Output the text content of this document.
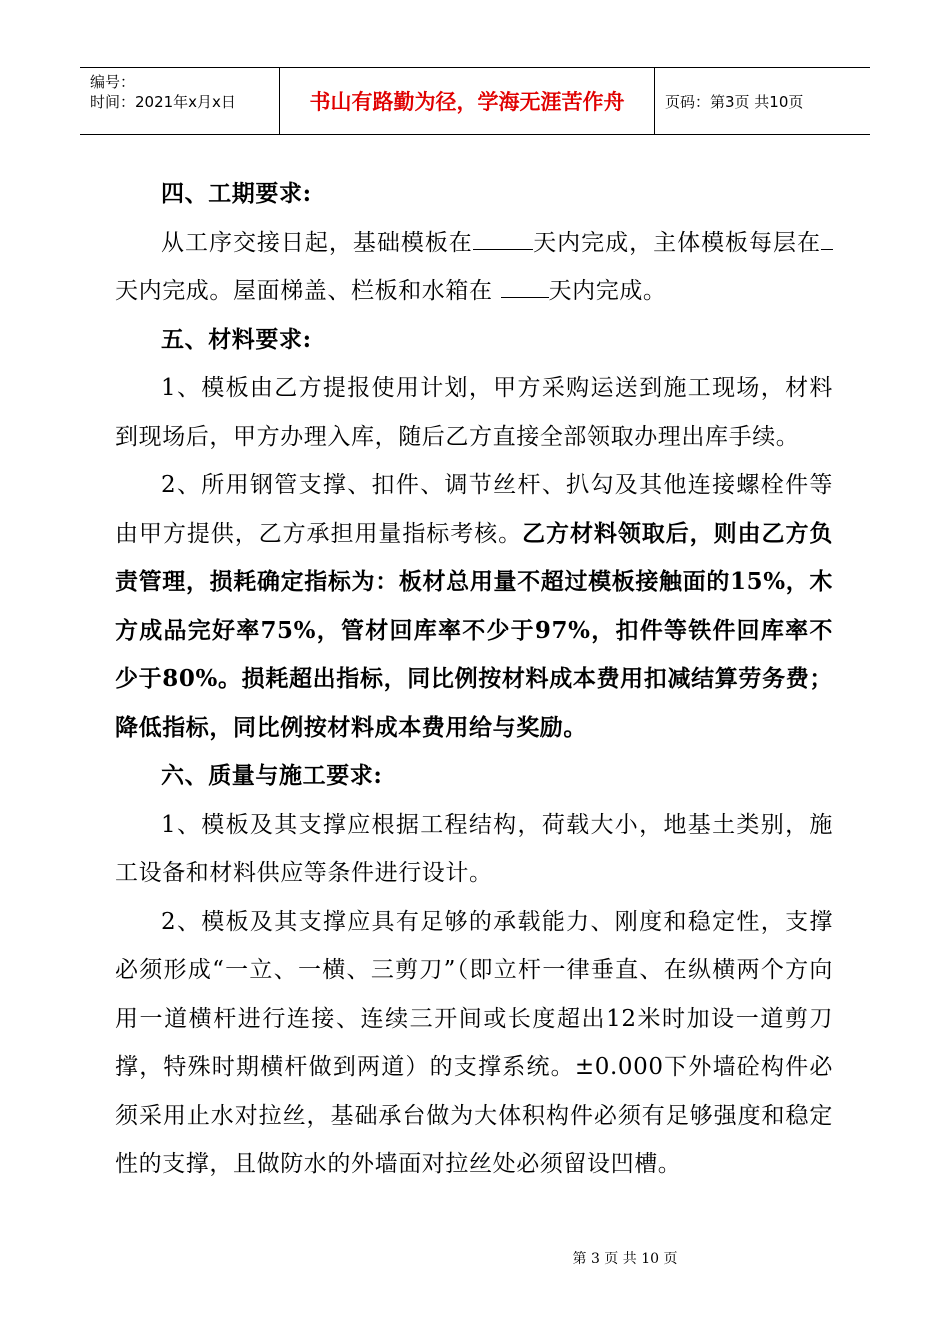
编号：
时间：2021年x月x日	书山有路勤为径，学海无涯苦作舟	页码：第3页 共10页

四、工期要求:

从工序交接日起，基础模板在	天内完成，主体模板每层在天内完成。屋面梯盖、栏板和水箱在 天内完成。

五、材料要求:

1、模板由乙方提报使用计划，甲方采购运送到施工现场，材料到现场后，甲方办理入库，随后乙方直接全部领取办理出库手续。

2、所用钢管支撑、扣件、调节丝杆、扒勾及其他连接螺栓件等由甲方提供，乙方承担用量指标考核。乙方材料领取后，则由乙方负责管理，损耗确定指标为：板材总用量不超过模板接触面的15%，木方成品完好率75%，管材回库率不少于97%，扣件等铁件回库率不少于80%。损耗超出指标，同比例按材料成本费用扣减结算劳务费；降低指标，同比例按材料成本费用给与奖励。

六、质量与施工要求:

1、模板及其支撑应根据工程结构，荷载大小，地基土类别，施工设备和材料供应等条件进行设计。

2、模板及其支撑应具有足够的承载能力、刚度和稳定性，支撑必须形成“一立、一横、三剪刀”（即立杆一律垂直、在纵横两个方向用一道横杆进行连接、连续三开间或长度超出12米时加设一道剪刀撑，特殊时期横杆做到两道）的支撑系统。±0.000下外墙砼构件必须采用止水对拉丝，基础承台做为大体积构件必须有足够强度和稳定性的支撑，且做防水的外墙面对拉丝处必须留设凹槽。

第 3 页 共 10 页
